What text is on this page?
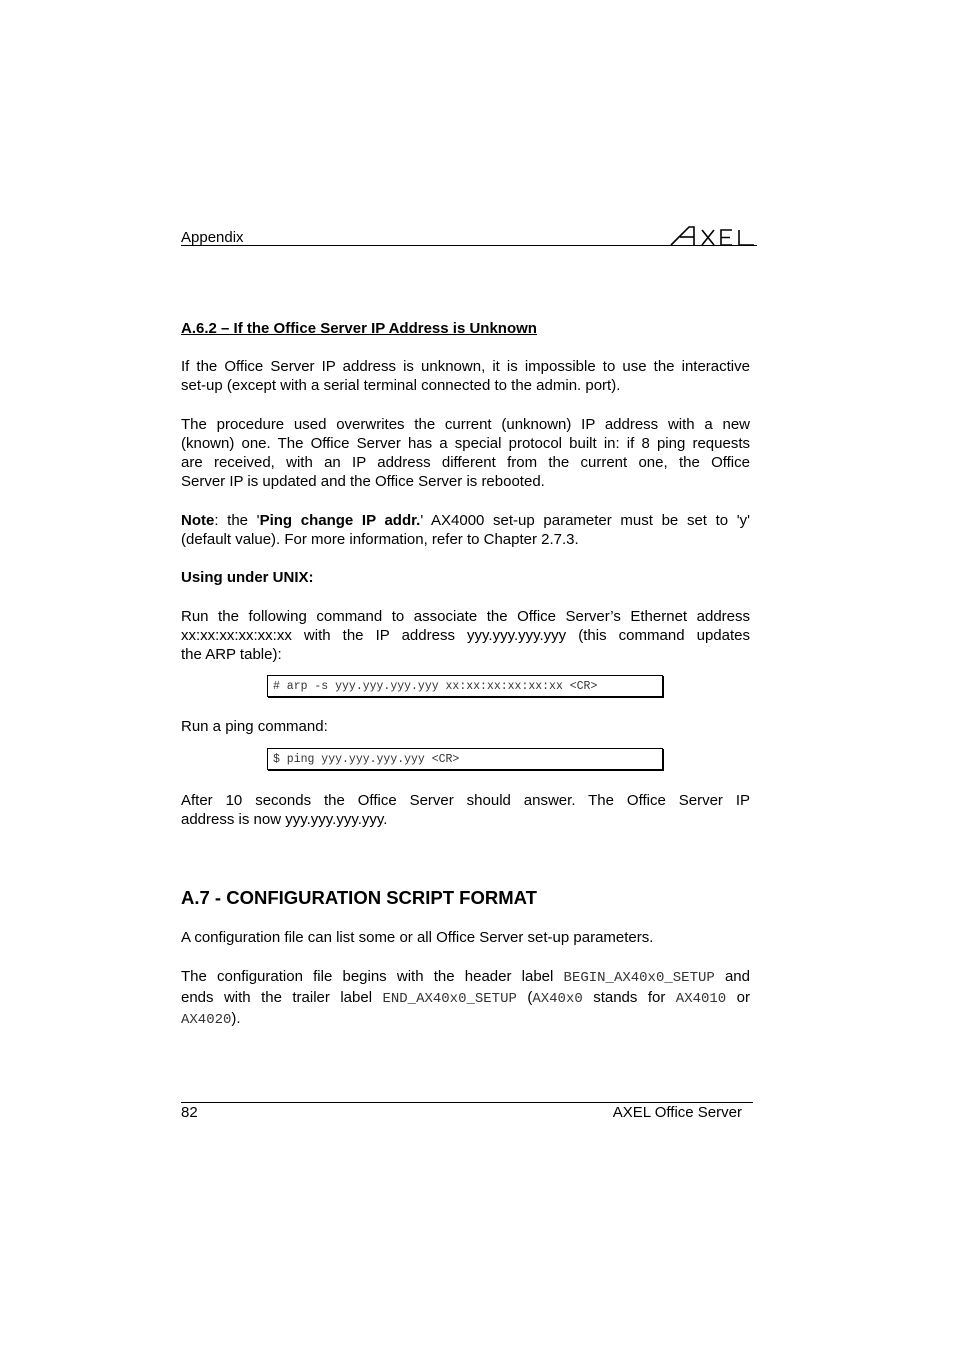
Appendix
A.6.2 – If the Office Server IP Address is Unknown
If the Office Server IP address is unknown, it is impossible to use the interactive
set-up (except with a serial terminal connected to the admin. port).
The procedure used overwrites the current (unknown) IP address with a new
(known) one. The Office Server has a special protocol built in: if 8 ping requests
are received, with an IP address different from the current one, the Office
Server IP is updated and the Office Server is rebooted.
Note: the 'Ping change IP addr.' AX4000 set-up parameter must be set to 'y'
(default value). For more information, refer to Chapter 2.7.3.
Using under UNIX:
Run the following command to associate the Office Server’s Ethernet address
xx:xx:xx:xx:xx:xx with the IP address yyy.yyy.yyy.yyy (this command updates
the ARP table):
# arp -s yyy.yyy.yyy.yyy xx:xx:xx:xx:xx:xx <CR>
Run a ping command:
$ ping yyy.yyy.yyy.yyy <CR>
After 10 seconds the Office Server should answer. The Office Server IP
address is now yyy.yyy.yyy.yyy.
A.7 - CONFIGURATION SCRIPT FORMAT
A configuration file can list some or all Office Server set-up parameters.
The configuration file begins with the header label BEGIN_AX40x0_SETUP and
ends with the trailer label END_AX40x0_SETUP (AX40x0 stands for AX4010 or
AX4020).
82	AXEL Office Server
